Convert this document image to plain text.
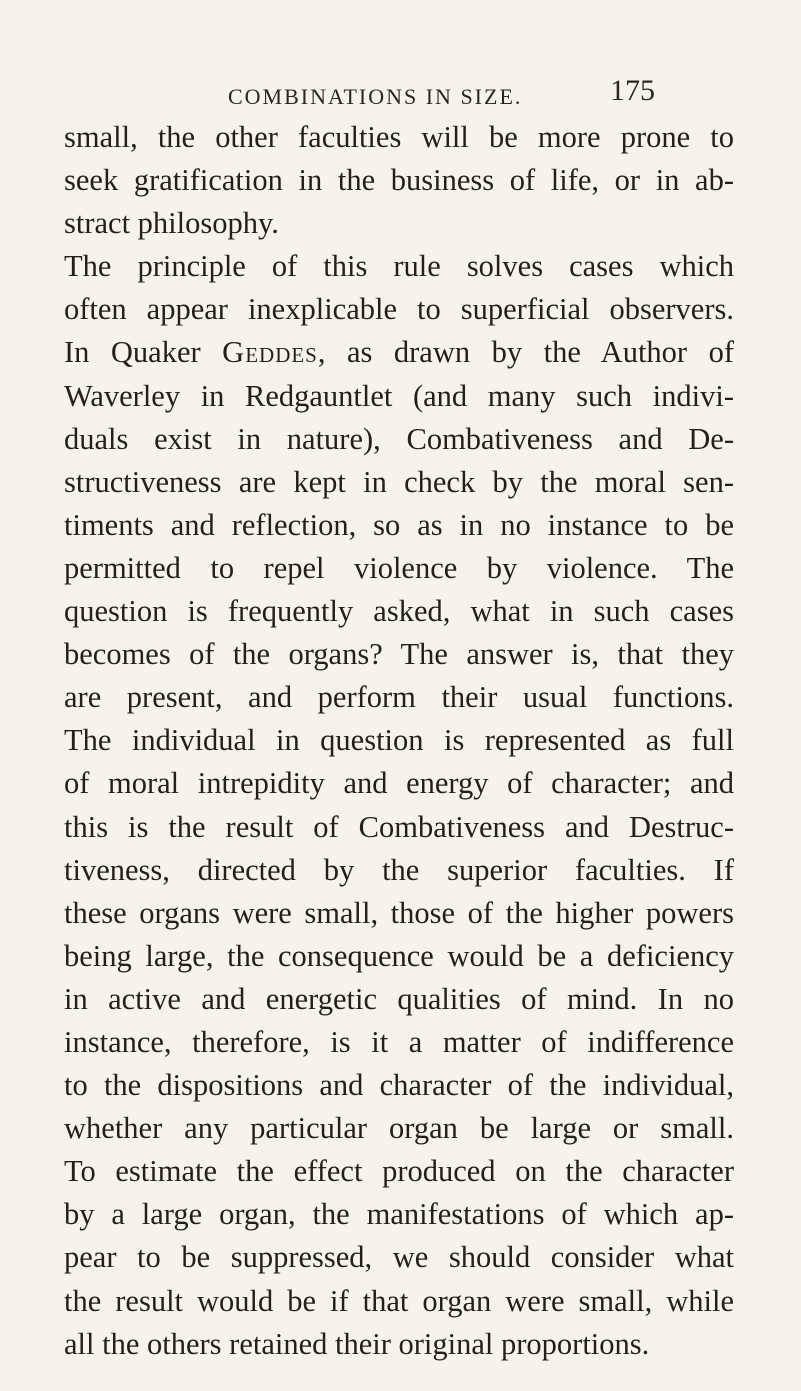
COMBINATIONS IN SIZE.	175
small, the other faculties will be more prone to
seek gratification in the business of life, or in ab-
stract philosophy.
The principle of this rule solves cases which
often appear inexplicable to superficial observers.
In Quaker Geddes, as drawn by the Author of
Waverley in Redgauntlet (and many such indivi-
duals exist in nature), Combativeness and De-
structiveness are kept in check by the moral sen-
timents and reflection, so as in no instance to be
permitted to repel violence by violence. The
question is frequently asked, what in such cases
becomes of the organs? The answer is, that they
are present, and perform their usual functions.
The individual in question is represented as full
of moral intrepidity and energy of character; and
this is the result of Combativeness and Destruc-
tiveness, directed by the superior faculties. If
these organs were small, those of the higher powers
being large, the consequence would be a deficiency
in active and energetic qualities of mind. In no
instance, therefore, is it a matter of indifference
to the dispositions and character of the individual,
whether any particular organ be large or small.
To estimate the effect produced on the character
by a large organ, the manifestations of which ap-
pear to be suppressed, we should consider what
the result would be if that organ were small, while
all the others retained their original proportions.
